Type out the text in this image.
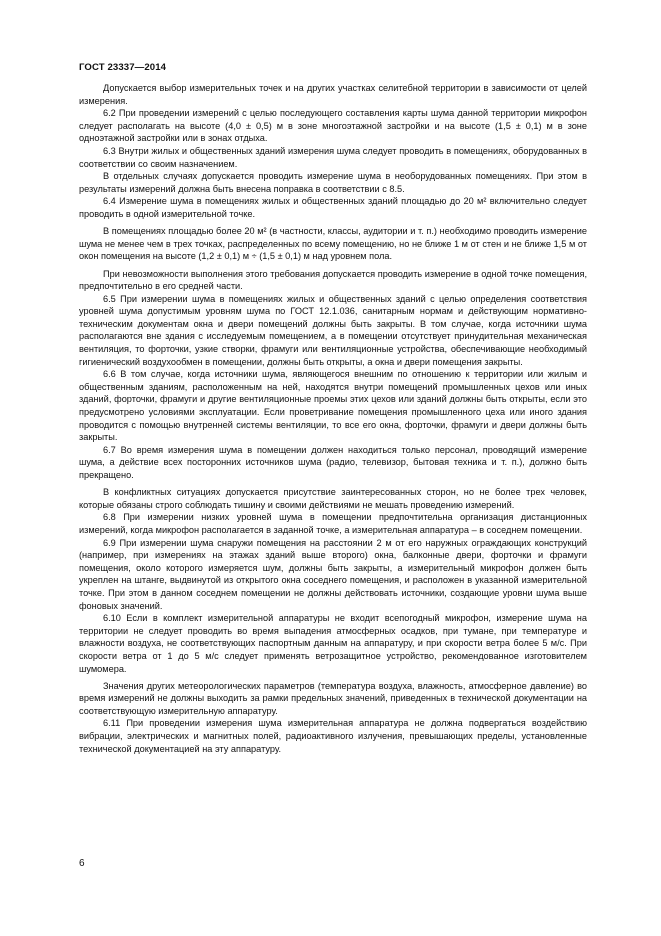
ГОСТ 23337—2014

Допускается выбор измерительных точек и на других участках селитебной территории в зависимости от целей измерения.

6.2 При проведении измерений с целью последующего составления карты шума данной территории микрофон следует располагать на высоте (4,0 ± 0,5) м в зоне многоэтажной застройки и на высоте (1,5 ± 0,1) м в зоне одноэтажной застройки или в зонах отдыха.

6.3 Внутри жилых и общественных зданий измерения шума следует проводить в помещениях, оборудованных в соответствии со своим назначением.

В отдельных случаях допускается проводить измерение шума в необорудованных помещениях. При этом в результаты измерений должна быть внесена поправка в соответствии с 8.5.

6.4 Измерение шума в помещениях жилых и общественных зданий площадью до 20 м² включительно следует проводить в одной измерительной точке.

В помещениях площадью более 20 м² (в частности, классы, аудитории и т. п.) необходимо проводить измерение шума не менее чем в трех точках, распределенных по всему помещению, но не ближе 1 м от стен и не ближе 1,5 м от окон помещения на высоте (1,2 ± 0,1) м ÷ (1,5 ± 0,1) м над уровнем пола.

При невозможности выполнения этого требования допускается проводить измерение в одной точке помещения, предпочтительно в его средней части.

6.5 При измерении шума в помещениях жилых и общественных зданий с целью определения соответствия уровней шума допустимым уровням шума по ГОСТ 12.1.036, санитарным нормам и действующим нормативно-техническим документам окна и двери помещений должны быть закрыты. В том случае, когда источники шума располагаются вне здания с исследуемым помещением, а в помещении отсутствует принудительная механическая вентиляция, то форточки, узкие створки, фрамуги или вентиляционные устройства, обеспечивающие необходимый гигиенический воздухообмен в помещении, должны быть открыты, а окна и двери помещения закрыты.

6.6 В том случае, когда источники шума, являющегося внешним по отношению к территории или жилым и общественным зданиям, расположенным на ней, находятся внутри помещений промышленных цехов или иных зданий, форточки, фрамуги и другие вентиляционные проемы этих цехов или зданий должны быть открыты, если это предусмотрено условиями эксплуатации. Если проветривание помещения промышленного цеха или иного здания проводится с помощью внутренней системы вентиляции, то все его окна, форточки, фрамуги и двери должны быть закрыты.

6.7 Во время измерения шума в помещении должен находиться только персонал, проводящий измерение шума, а действие всех посторонних источников шума (радио, телевизор, бытовая техника и т. п.), должно быть прекращено.

В конфликтных ситуациях допускается присутствие заинтересованных сторон, но не более трех человек, которые обязаны строго соблюдать тишину и своими действиями не мешать проведению измерений.

6.8 При измерении низких уровней шума в помещении предпочтительна организация дистанционных измерений, когда микрофон располагается в заданной точке, а измерительная аппаратура – в соседнем помещении.

6.9 При измерении шума снаружи помещения на расстоянии 2 м от его наружных ограждающих конструкций (например, при измерениях на этажах зданий выше второго) окна, балконные двери, форточки и фрамуги помещения, около которого измеряется шум, должны быть закрыты, а измерительный микрофон должен быть укреплен на штанге, выдвинутой из открытого окна соседнего помещения, и расположен в указанной измерительной точке. При этом в данном соседнем помещении не должны действовать источники, создающие уровни шума выше фоновых значений.

6.10 Если в комплект измерительной аппаратуры не входит всепогодный микрофон, измерение шума на территории не следует проводить во время выпадения атмосферных осадков, при тумане, при температуре и влажности воздуха, не соответствующих паспортным данным на аппаратуру, и при скорости ветра более 5 м/с. При скорости ветра от 1 до 5 м/с следует применять ветрозащитное устройство, рекомендованное изготовителем шумомера.

Значения других метеорологических параметров (температура воздуха, влажность, атмосферное давление) во время измерений не должны выходить за рамки предельных значений, приведенных в технической документации на соответствующую измерительную аппаратуру.

6.11 При проведении измерения шума измерительная аппаратура не должна подвергаться воздействию вибрации, электрических и магнитных полей, радиоактивного излучения, превышающих пределы, установленные технической документацией на эту аппаратуру.

6
